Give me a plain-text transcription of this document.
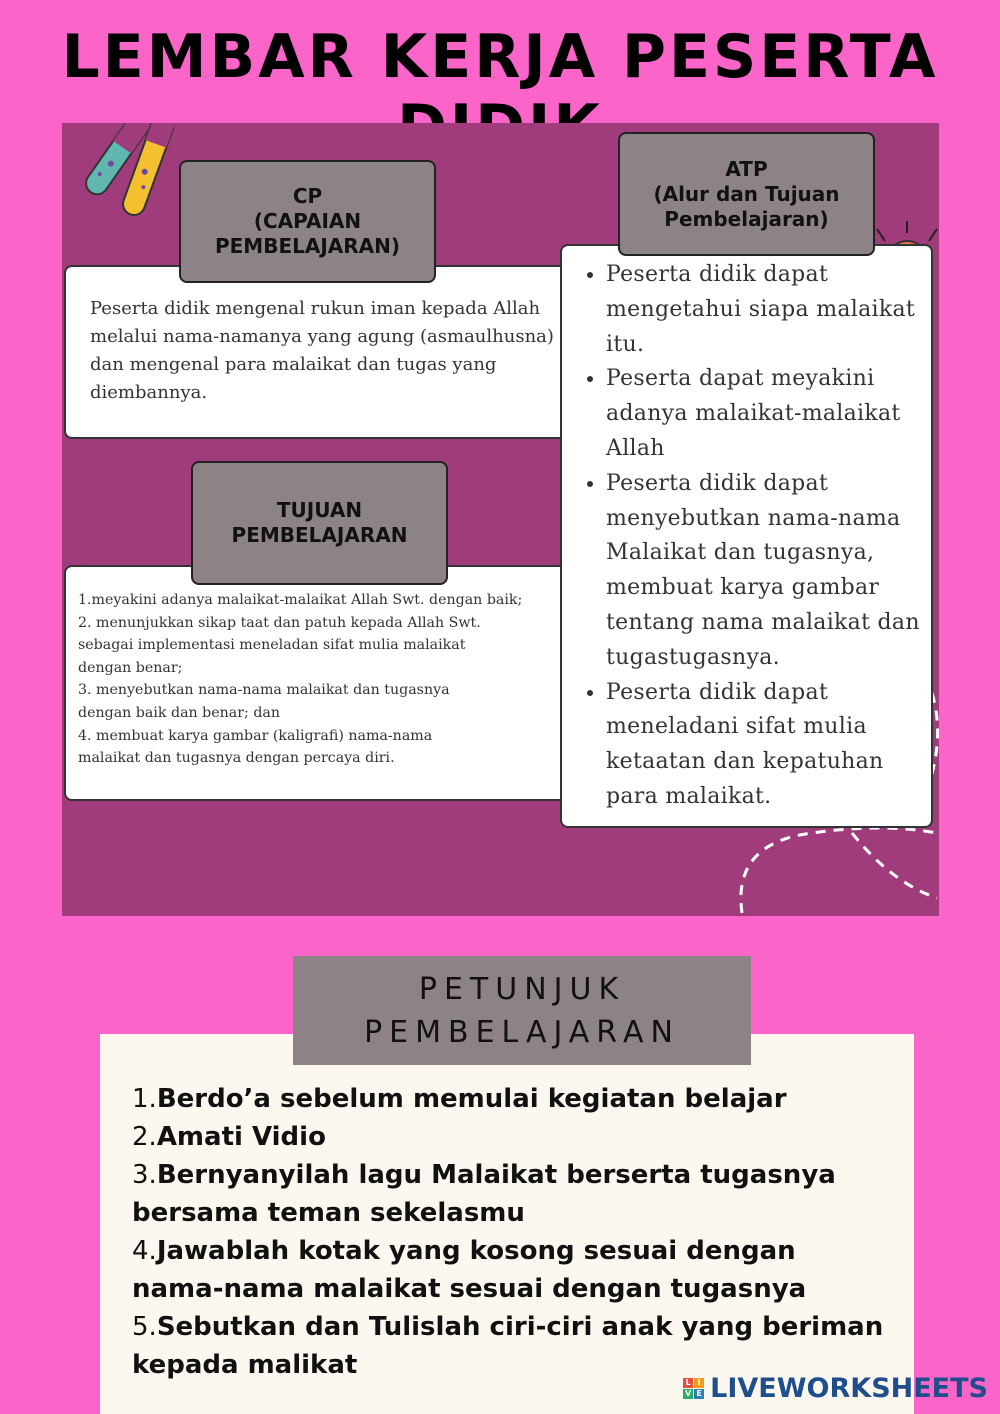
LEMBAR KERJA PESERTA
Peserta didik mengenal rukun iman kepada Allah melalui nama-namanya yang agung (asmaulhusna) dan mengenal para malaikat dan tugas yang diembannya.
CP
(CAPAIAN
PEMBELAJARAN)
1.meyakini adanya malaikat-malaikat Allah Swt. dengan baik;
2. menunjukkan sikap taat dan patuh kepada Allah Swt.
sebagai implementasi meneladan sifat mulia malaikat
dengan benar;
3. menyebutkan nama-nama malaikat dan tugasnya
dengan baik dan benar; dan
4. membuat karya gambar (kaligrafi) nama-nama
malaikat dan tugasnya dengan percaya diri.
TUJUAN
PEMBELAJARAN
• Peserta didik dapat mengetahui siapa malaikat itu.
• Peserta dapat meyakini adanya malaikat-malaikat Allah
• Peserta didik dapat menyebutkan nama-nama Malaikat dan tugasnya, membuat karya gambar tentang nama malaikat dan tugastugasnya.
• Peserta didik dapat meneladani sifat mulia ketaatan dan kepatuhan para malaikat.
ATP
(Alur dan Tujuan
Pembelajaran)

1.Berdo’a sebelum memulai kegiatan belajar

2.Amati Vidio

3.Bernyanyilah lagu Malaikat berserta tugasnya bersama teman sekelasmu

4.Jawablah kotak yang kosong sesuai dengan nama-nama malaikat sesuai dengan tugasnya

5.Sebutkan dan Tulislah ciri-ciri anak yang beriman kepada malikat

PETUNJUK
PEMBELAJARAN
L I
V E LIVEWORKSHEETS
